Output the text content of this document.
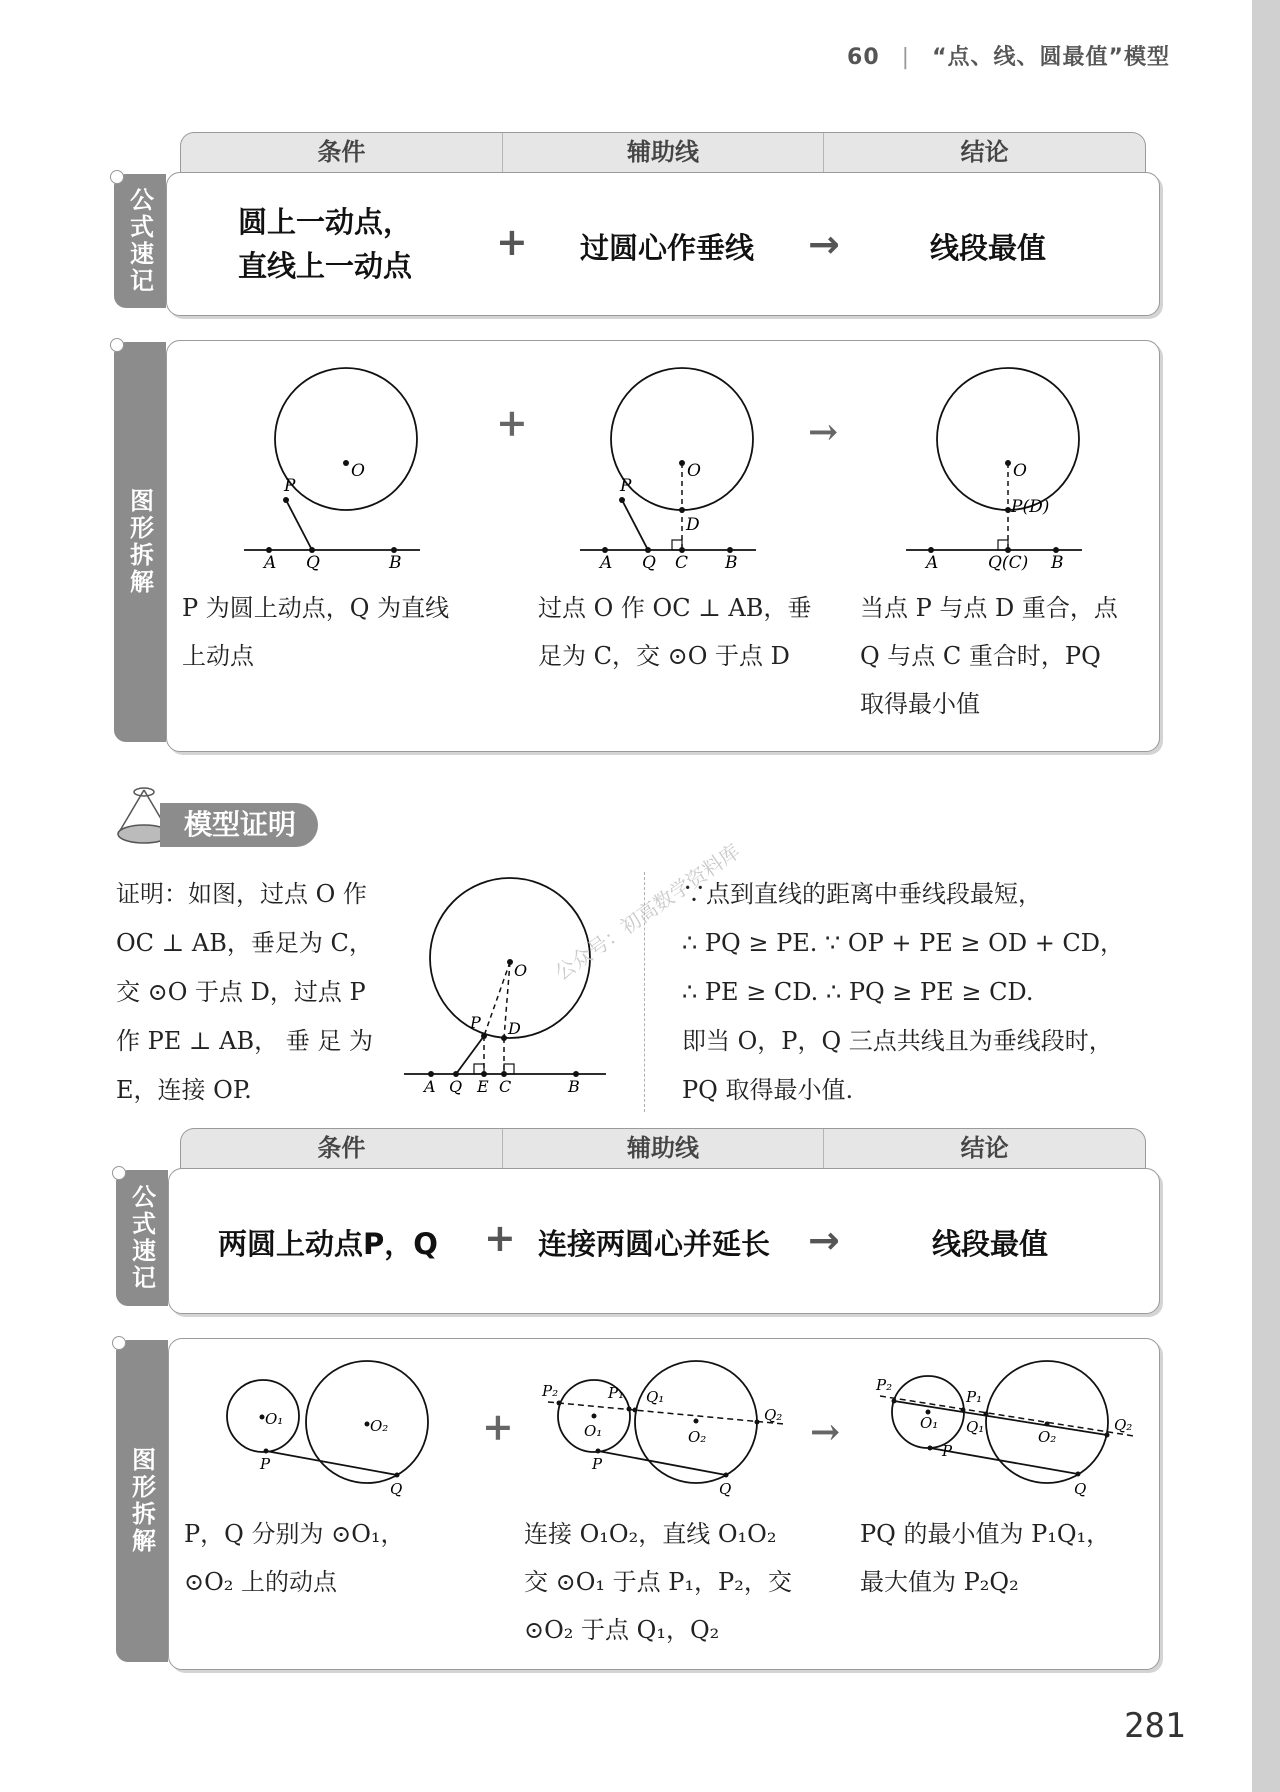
60 | “点、线、圆最值”模型
条件	辅助线	结论
公式速记	圆上一动点，
直线上一动点
+ 过圆心作垂线 →	线段最值
图形拆解
O
P
A Q	B
+
O
P
D
A Q C B
→
O
P(D)
A	Q(C) B
P 为圆上动点，Q 为直线
上动点
过点 O 作 OC ⊥ AB，垂
足为 C，交 ⊙O 于点 D
当点 P 与点 D 重合，点
Q 与点 C 重合时，PQ
取得最小值
模型证明
证明：如图，过点 O 作
OC ⊥ AB，垂足为 C，
交 ⊙O 于点 D，过点 P
作 PE ⊥ AB， 垂 足 为
E，连接 OP.
O
P D
A Q E C	B
公众号：初高数学资料库
∵点到直线的距离中垂线段最短，
∴ PQ ≥ PE. ∵ OP + PE ≥ OD + CD，
∴ PE ≥ CD. ∴ PQ ≥ PE ≥ CD.
即当 O，P，Q 三点共线且为垂线段时，
PQ 取得最小值.
条件	辅助线	结论
公式速记	两圆上动点P，Q + 连接两圆心并延长 →	线段最值
图形拆解
O₁	O₂
P
Q
+
P₂	P₁ Q₁
Q₂
O₁	O₂
P
Q
→
P₂
P₁
Q₁	Q₂
O₁
O₂
P
Q
P，Q 分别为 ⊙O₁，
⊙O₂ 上的动点
连接 O₁O₂，直线 O₁O₂
交 ⊙O₁ 于点 P₁，P₂，交
⊙O₂ 于点 Q₁，Q₂
PQ 的最小值为 P₁Q₁，
最大值为 P₂Q₂
281
